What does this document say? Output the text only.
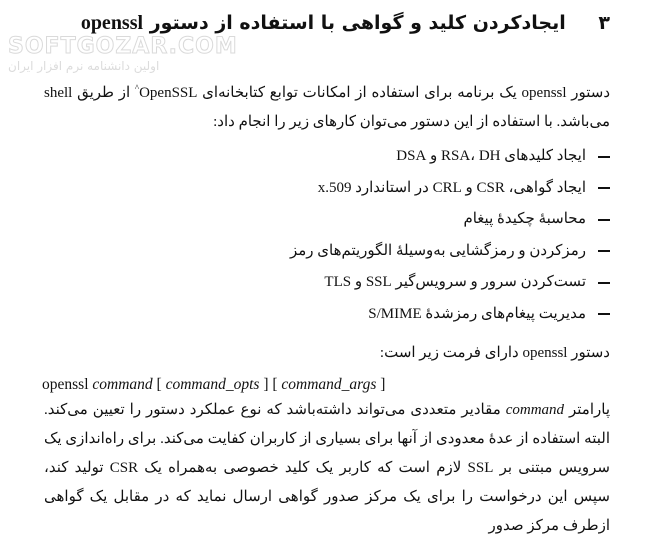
۳ ایجادکردن کلید و گواهی با استفاده از دستور openssl
SOFTGOZAR.COM
اولین دانشنامه نرم افزار ایران
دستور openssl یک برنامه برای استفاده از امکانات توابع کتابخانه‌ای OpenSSL^ از طریق shell می‌باشد. با استفاده از این دستور می‌توان کارهای زیر را انجام داد:
ایجاد کلیدهای RSA، DH و DSA
ایجاد گواهی، CSR و CRL در استاندارد x.509
محاسبهٔ چکیدهٔ پیغام
رمزکردن و رمزگشایی به‌وسیلهٔ الگوریتم‌های رمز
تست‌کردن سرور و سرویس‌گیر SSL و TLS
مدیریت پیغام‌های رمزشدهٔ S/MIME
دستور openssl دارای فرمت زیر است:
openssl command [ command_opts ] [ command_args ]
پارامتر command مقادیر متعددی می‌تواند داشته‌باشد که نوع عملکرد دستور را تعیین می‌کند. البته استفاده از عدهٔ معدودی از آنها برای بسیاری از کاربران کفایت می‌کند. برای راه‌اندازی یک سرویس مبتنی بر SSL لازم است که کاربر یک کلید خصوصی به‌همراه یک CSR تولید کند، سپس این درخواست را برای یک مرکز صدور گواهی ارسال نماید که در مقابل یک گواهی ازطرف مرکز صدور
